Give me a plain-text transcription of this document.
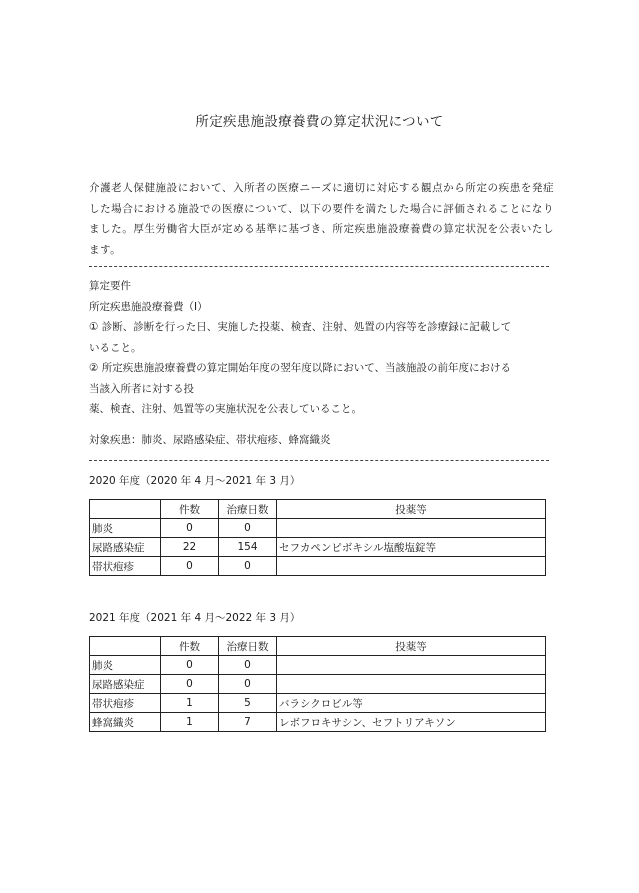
所定疾患施設療養費の算定状況について
介護老人保健施設において、入所者の医療ニーズに適切に対応する観点から所定の疾患を発症した場合における施設での医療について、以下の要件を満たした場合に評価されることになりました。厚生労働省大臣が定める基準に基づき、所定疾患施設療養費の算定状況を公表いたします。
算定要件
所定疾患施設療養費（Ⅰ）
① 診断、診断を行った日、実施した投薬、検査、注射、処置の内容等を診療録に記載して
いること。
② 所定疾患施設療養費の算定開始年度の翌年度以降において、当該施設の前年度における
当該入所者に対する投
薬、検査、注射、処置等の実施状況を公表していること。
対象疾患：肺炎、尿路感染症、帯状疱疹、蜂窩織炎
2020 年度（2020 年 4 月～2021 年 3 月）
	件数	治療日数	投薬等
肺炎	0	0	
尿路感染症	22	154	セフカペンピボキシル塩酸塩錠等
帯状疱疹	0	0	
2021 年度（2021 年 4 月～2022 年 3 月）
	件数	治療日数	投薬等
肺炎	0	0	
尿路感染症	0	0	
帯状疱疹	1	5	バラシクロビル等
蜂窩織炎	1	7	レボフロキサシン、セフトリアキソン
